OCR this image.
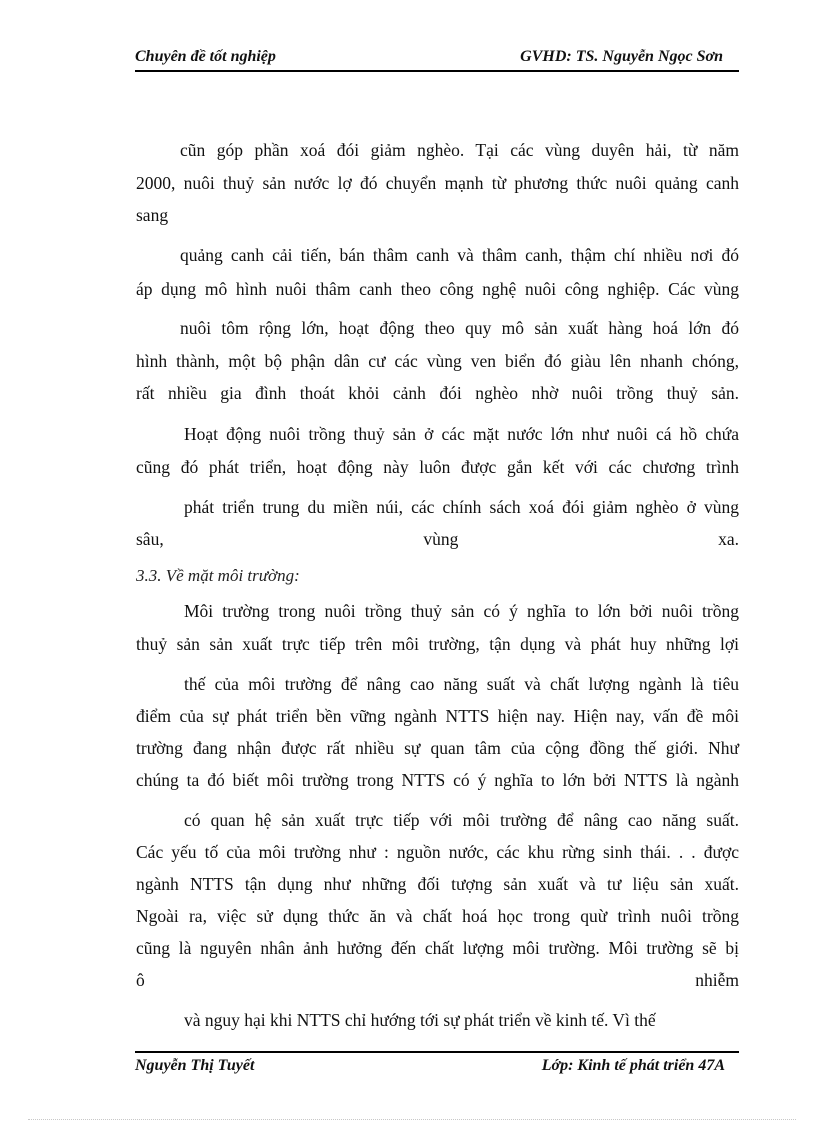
Chuyên đề tốt nghiệp	GVHD: TS. Nguyễn Ngọc Sơn
cũn góp phần xoá đói giảm nghèo. Tại các vùng duyên hải, từ năm
2000, nuôi thuỷ sản nước lợ đó chuyển mạnh từ phương thức nuôi quảng canh
sang
quảng canh cải tiến, bán thâm canh và thâm canh, thậm chí nhiều nơi đó
áp dụng mô hình nuôi thâm canh theo công nghệ nuôi công nghiệp. Các vùng
nuôi tôm rộng lớn, hoạt động theo quy mô sản xuất hàng hoá lớn đó
hình thành, một bộ phận dân cư các vùng ven biển đó giàu lên nhanh chóng,
rất nhiều gia đình thoát khỏi cảnh đói nghèo nhờ nuôi trồng thuỷ sản.
Hoạt động nuôi trồng thuỷ sản ở các mặt nước lớn như nuôi cá hồ chứa
cũng đó phát triển, hoạt động này luôn được gắn kết với các chương trình
phát triển trung du miền núi, các chính sách xoá đói giảm nghèo ở vùng
sâu, vùng xa.
Môi trường trong nuôi trồng thuỷ sản có ý nghĩa to lớn bởi nuôi trồng
thuỷ sản sản xuất trực tiếp trên môi trường, tận dụng và phát huy những lợi
thế của môi trường để nâng cao năng suất và chất lượng ngành là tiêu
điểm của sự phát triển bền vững ngành NTTS hiện nay. Hiện nay, vấn đề môi
trường đang nhận được rất nhiều sự quan tâm của cộng đồng thế giới. Như
chúng ta đó biết môi trường trong NTTS có ý nghĩa to lớn bởi NTTS là ngành
có quan hệ sản xuất trực tiếp với môi trường để nâng cao năng suất.
Các yếu tố của môi trường như : nguồn nước, các khu rừng sinh thái. . . được
ngành NTTS tận dụng như những đối tượng sản xuất và tư liệu sản xuất.
Ngoài ra, việc sử dụng thức ăn và chất hoá học trong quừ trình nuôi trồng
cũng là nguyên nhân ảnh hưởng đến chất lượng môi trường. Môi trường sẽ bị
ô nhiễm
và nguy hại khi NTTS chỉ hướng tới sự phát triển về kinh tế. Vì thế
3.3. Về mặt môi trường:
Nguyễn Thị Tuyết	Lớp: Kinh tế phát triển 47A
